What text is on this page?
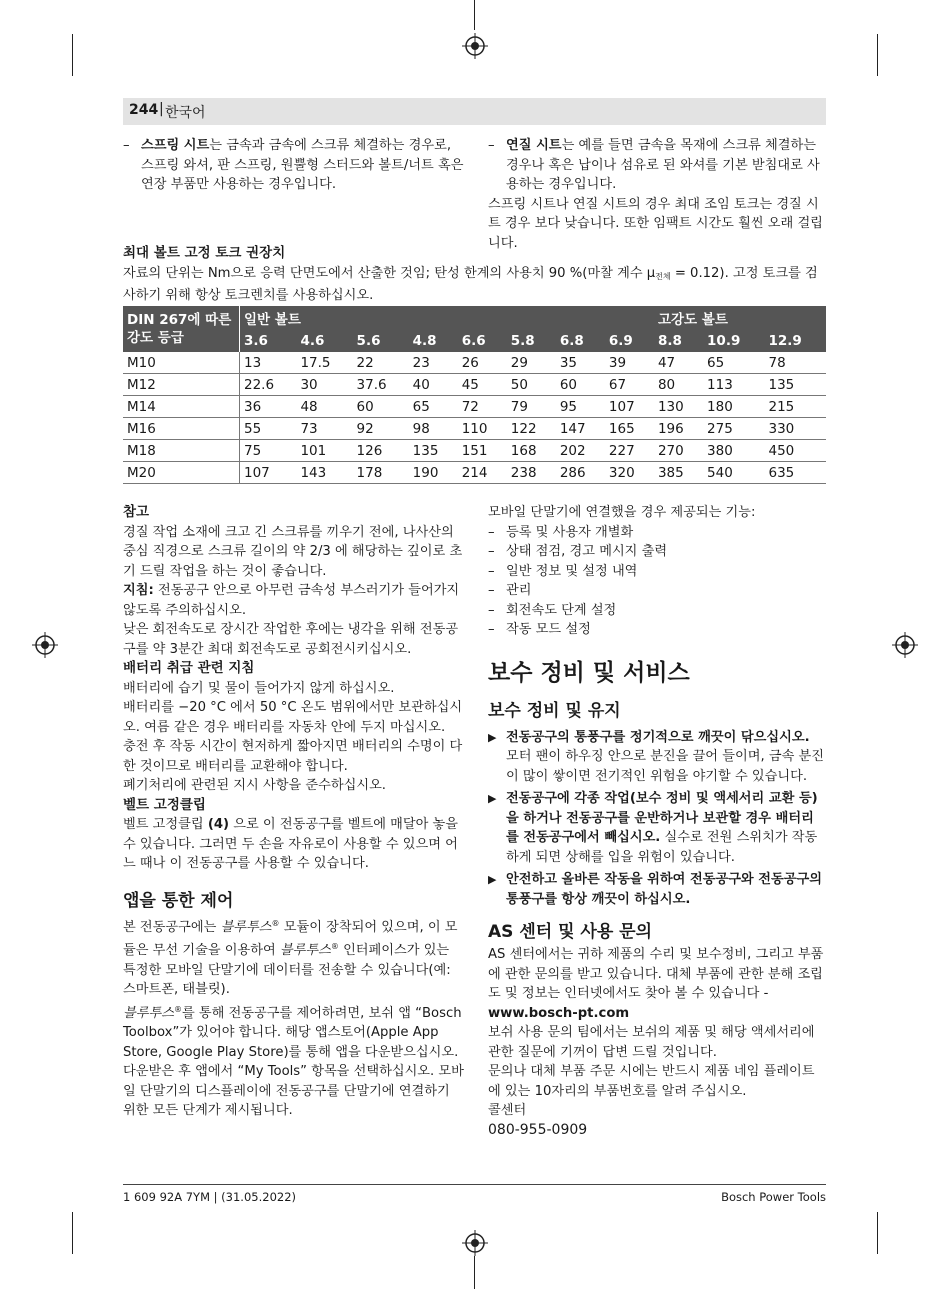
244 | 한국어
– 스프링 시트는 금속과 금속에 스크류 체결하는 경우로, 스프링 와셔, 판 스프링, 원뿔형 스터드와 볼트/너트 혹은 연장 부품만 사용하는 경우입니다.
– 연질 시트는 예를 들면 금속을 목재에 스크류 체결하는 경우나 혹은 납이나 섬유로 된 와셔를 기본 받침대로 사용하는 경우입니다.

스프링 시트나 연질 시트의 경우 최대 조임 토크는 경질 시트 경우 보다 낮습니다. 또한 임팩트 시간도 훨씬 오래 걸립니다.

최대 볼트 고정 토크 권장치

자료의 단위는 Nm으로 응력 단면도에서 산출한 것임; 탄성 한계의 사용치 90 %(마찰 계수 $\mu_{전체} = 0.12$). 고정 토크를 검사하기 위해 항상 토크렌치를 사용하십시오.

DIN 267에 따른 강도 등급	일반 볼트								고강도 볼트		
	3.6	4.6	5.6	4.8	6.6	5.8	6.8	6.9	8.8	10.9	12.9
M10	13	17.5	22	23	26	29	35	39	47	65	78
M12	22.6	30	37.6	40	45	50	60	67	80	113	135
M14	36	48	60	65	72	79	95	107	130	180	215
M16	55	73	92	98	110	122	147	165	196	275	330
M18	75	101	126	135	151	168	202	227	270	380	450
M20	107	143	178	190	214	238	286	320	385	540	635
참고

경질 작업 소재에 크고 긴 스크류를 끼우기 전에, 나사산의 중심 직경으로 스크류 길이의 약 2/3 에 해당하는 깊이로 초기 드릴 작업을 하는 것이 좋습니다.

지침: 전동공구 안으로 아무런 금속성 부스러기가 들어가지 않도록 주의하십시오.

낮은 회전속도로 장시간 작업한 후에는 냉각을 위해 전동공구를 약 3분간 최대 회전속도로 공회전시키십시오.

배터리 취급 관련 지침

배터리에 습기 및 물이 들어가지 않게 하십시오.

배터리를 −20 °C 에서 50 °C 온도 범위에서만 보관하십시오. 여름 같은 경우 배터리를 자동차 안에 두지 마십시오.

충전 후 작동 시간이 현저하게 짧아지면 배터리의 수명이 다한 것이므로 배터리를 교환해야 합니다.

폐기처리에 관련된 지시 사항을 준수하십시오.

벨트 고정클립

벨트 고정클립 (4) 으로 이 전동공구를 벨트에 매달아 놓을 수 있습니다. 그러면 두 손을 자유로이 사용할 수 있으며 어느 때나 이 전동공구를 사용할 수 있습니다.

앱을 통한 제어

본 전동공구에는 블루투스® 모듈이 장착되어 있으며, 이 모듈은 무선 기술을 이용하여 블루투스® 인터페이스가 있는 특정한 모바일 단말기에 데이터를 전송할 수 있습니다(예: 스마트폰, 태블릿).

블루투스®를 통해 전동공구를 제어하려면, 보쉬 앱 “Bosch Toolbox”가 있어야 합니다. 해당 앱스토어(Apple App Store, Google Play Store)를 통해 앱을 다운받으십시오.

다운받은 후 앱에서 “My Tools” 항목을 선택하십시오. 모바일 단말기의 디스플레이에 전동공구를 단말기에 연결하기 위한 모든 단계가 제시됩니다.

모바일 단말기에 연결했을 경우 제공되는 기능:

– 등록 및 사용자 개별화
– 상태 점검, 경고 메시지 출력
– 일반 정보 및 설정 내역
– 관리
– 회전속도 단계 설정
– 작동 모드 설정
보수 정비 및 서비스
보수 정비 및 유지
▶ 전동공구의 통풍구를 정기적으로 깨끗이 닦으십시오. 모터 팬이 하우징 안으로 분진을 끌어 들이며, 금속 분진이 많이 쌓이면 전기적인 위험을 야기할 수 있습니다.
▶ 전동공구에 각종 작업(보수 정비 및 액세서리 교환 등)을 하거나 전동공구를 운반하거나 보관할 경우 배터리를 전동공구에서 빼십시오. 실수로 전원 스위치가 작동하게 되면 상해를 입을 위험이 있습니다.
▶ 안전하고 올바른 작동을 위하여 전동공구와 전동공구의 통풍구를 항상 깨끗이 하십시오.
AS 센터 및 사용 문의

AS 센터에서는 귀하 제품의 수리 및 보수정비, 그리고 부품에 관한 문의를 받고 있습니다. 대체 부품에 관한 분해 조립도 및 정보는 인터넷에서도 찾아 볼 수 있습니다 - www.bosch-pt.com

보쉬 사용 문의 팀에서는 보쉬의 제품 및 해당 액세서리에 관한 질문에 기꺼이 답변 드릴 것입니다.

문의나 대체 부품 주문 시에는 반드시 제품 네임 플레이트에 있는 10자리의 부품번호를 알려 주십시오.

콜센터

080-955-0909

1 609 92A 7YM | (31.05.2022)	Bosch Power Tools
